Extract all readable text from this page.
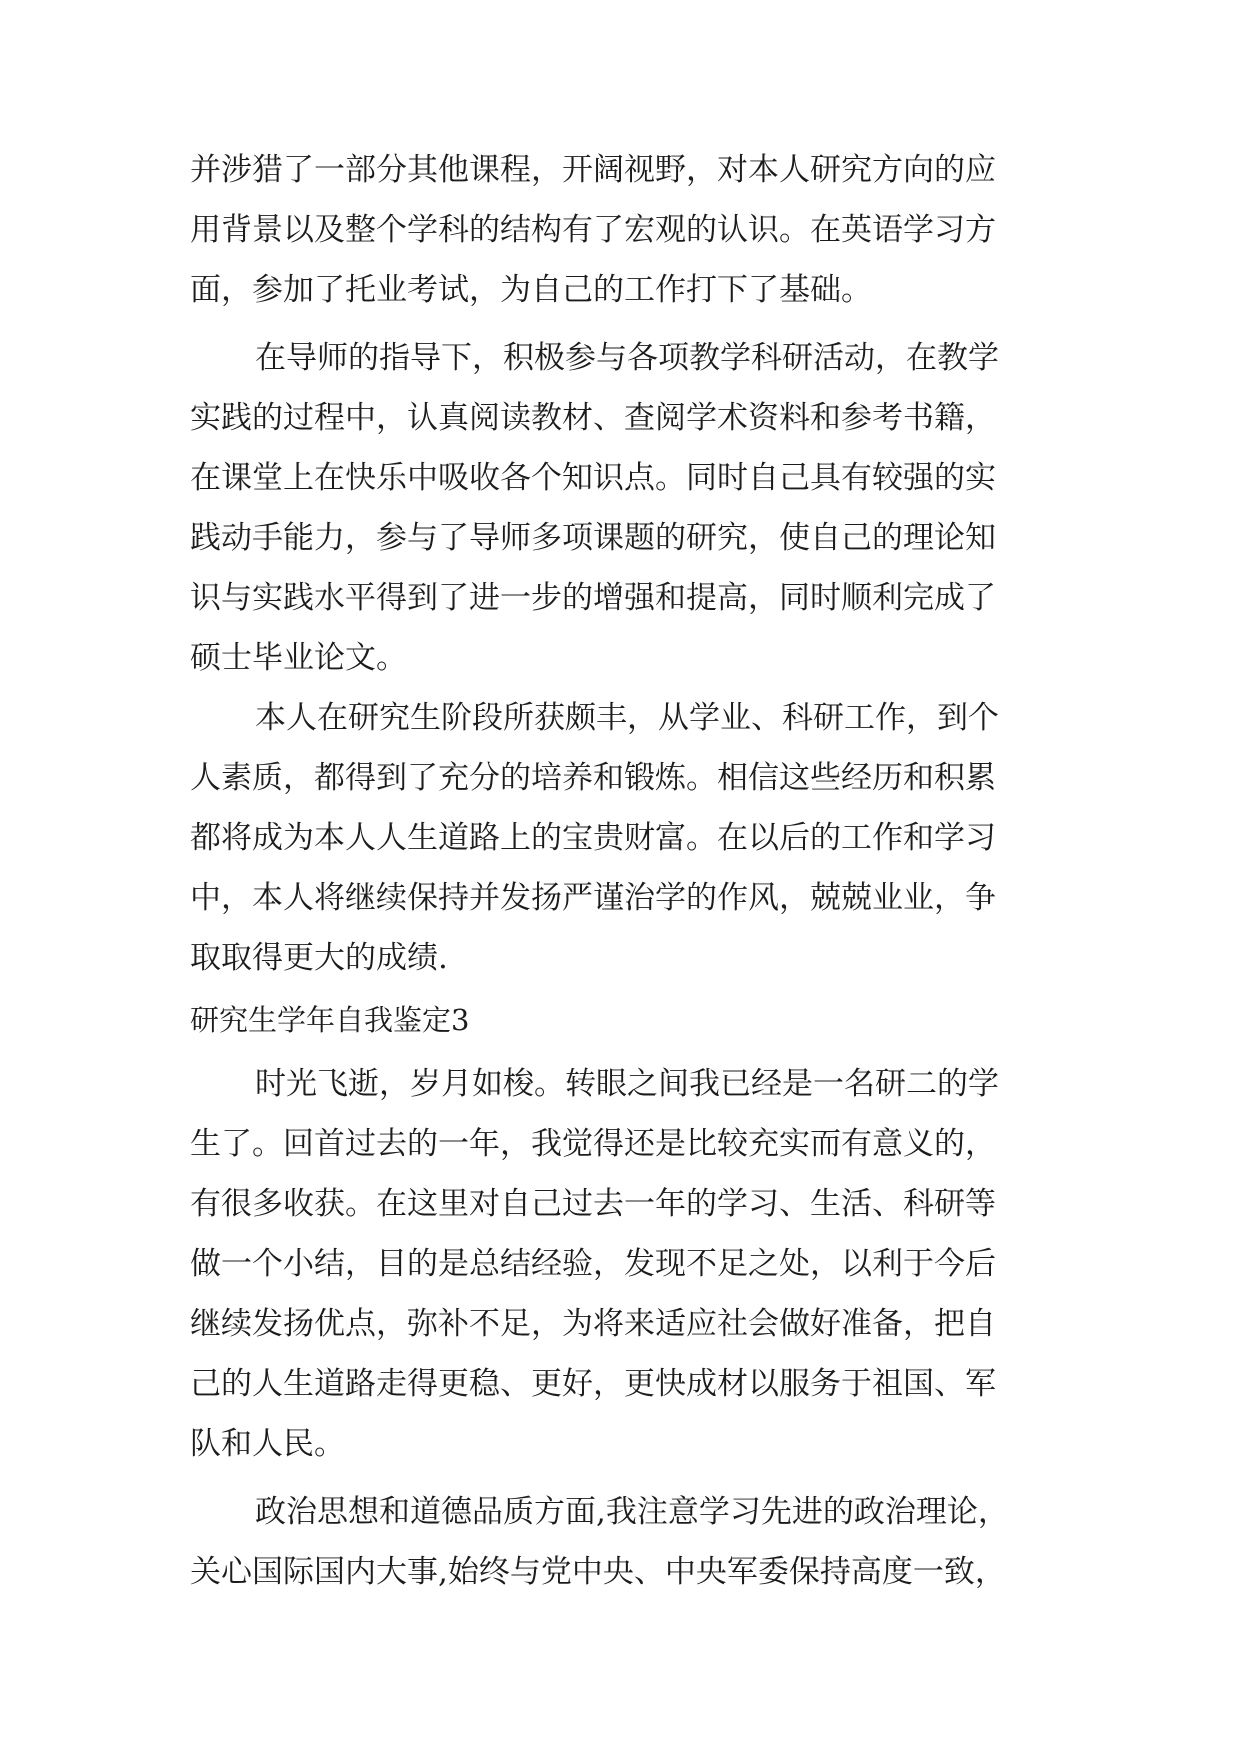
并涉猎了一部分其他课程，开阔视野，对本人研究方向的应

用背景以及整个学科的结构有了宏观的认识。在英语学习方

面，参加了托业考试，为自己的工作打下了基础。

在导师的指导下，积极参与各项教学科研活动，在教学

实践的过程中，认真阅读教材、查阅学术资料和参考书籍，

在课堂上在快乐中吸收各个知识点。同时自己具有较强的实

践动手能力，参与了导师多项课题的研究，使自己的理论知

识与实践水平得到了进一步的增强和提高，同时顺利完成了

硕士毕业论文。

本人在研究生阶段所获颇丰，从学业、科研工作，到个

人素质，都得到了充分的培养和锻炼。相信这些经历和积累

都将成为本人人生道路上的宝贵财富。在以后的工作和学习

中，本人将继续保持并发扬严谨治学的作风，兢兢业业，争

取取得更大的成绩.

研究生学年自我鉴定3

时光飞逝，岁月如梭。转眼之间我已经是一名研二的学

生了。回首过去的一年，我觉得还是比较充实而有意义的，

有很多收获。在这里对自己过去一年的学习、生活、科研等

做一个小结，目的是总结经验，发现不足之处，以利于今后

继续发扬优点，弥补不足，为将来适应社会做好准备，把自

己的人生道路走得更稳、更好，更快成材以服务于祖国、军

队和人民。

政治思想和道德品质方面,我注意学习先进的政治理论，

关心国际国内大事,始终与党中央、中央军委保持高度一致，
